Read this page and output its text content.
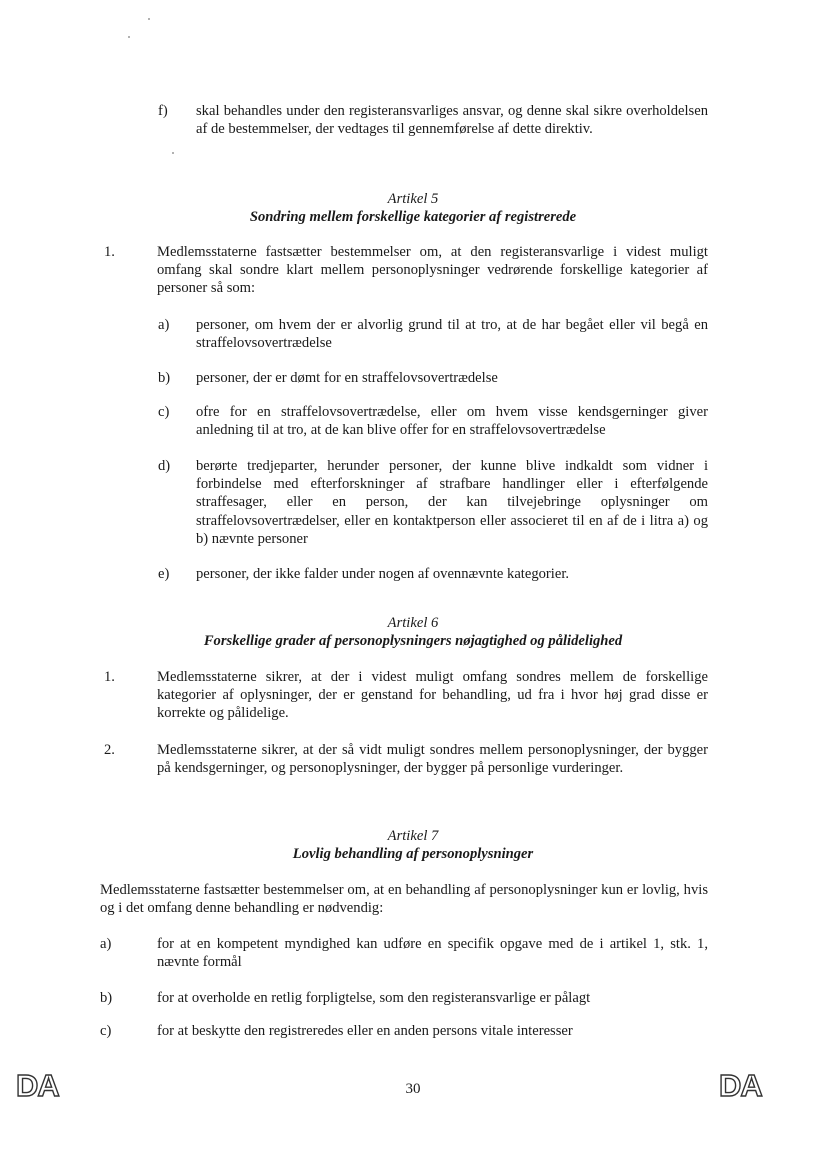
f) skal behandles under den registeransvarliges ansvar, og denne skal sikre overholdelsen af de bestemmelser, der vedtages til gennemførelse af dette direktiv.
Artikel 5
Sondring mellem forskellige kategorier af registrerede
1.	Medlemsstaterne fastsætter bestemmelser om, at den registeransvarlige i videst muligt omfang skal sondre klart mellem personoplysninger vedrørende forskellige kategorier af personer så som:
a) personer, om hvem der er alvorlig grund til at tro, at de har begået eller vil begå en straffelovsovertrædelse
b) personer, der er dømt for en straffelovsovertrædelse
c) ofre for en straffelovsovertrædelse, eller om hvem visse kendsgerninger giver anledning til at tro, at de kan blive offer for en straffelovsovertrædelse
d) berørte tredjeparter, herunder personer, der kunne blive indkaldt som vidner i forbindelse med efterforskninger af strafbare handlinger eller i efterfølgende straffesager, eller en person, der kan tilvejebringe oplysninger om straffelovsovertrædelser, eller en kontaktperson eller associeret til en af de i litra a) og b) nævnte personer
e) personer, der ikke falder under nogen af ovennævnte kategorier.
Artikel 6
Forskellige grader af personoplysningers nøjagtighed og pålidelighed
1.	Medlemsstaterne sikrer, at der i videst muligt omfang sondres mellem de forskellige kategorier af oplysninger, der er genstand for behandling, ud fra i hvor høj grad disse er korrekte og pålidelige.
2.	Medlemsstaterne sikrer, at der så vidt muligt sondres mellem personoplysninger, der bygger på kendsgerninger, og personoplysninger, der bygger på personlige vurderinger.
Artikel 7
Lovlig behandling af personoplysninger
Medlemsstaterne fastsætter bestemmelser om, at en behandling af personoplysninger kun er lovlig, hvis og i det omfang denne behandling er nødvendig:
a)	for at en kompetent myndighed kan udføre en specifik opgave med de i artikel 1, stk. 1, nævnte formål
b)	for at overholde en retlig forpligtelse, som den registeransvarlige er pålagt
c)	for at beskytte den registreredes eller en anden persons vitale interesser
DA	30	DA
